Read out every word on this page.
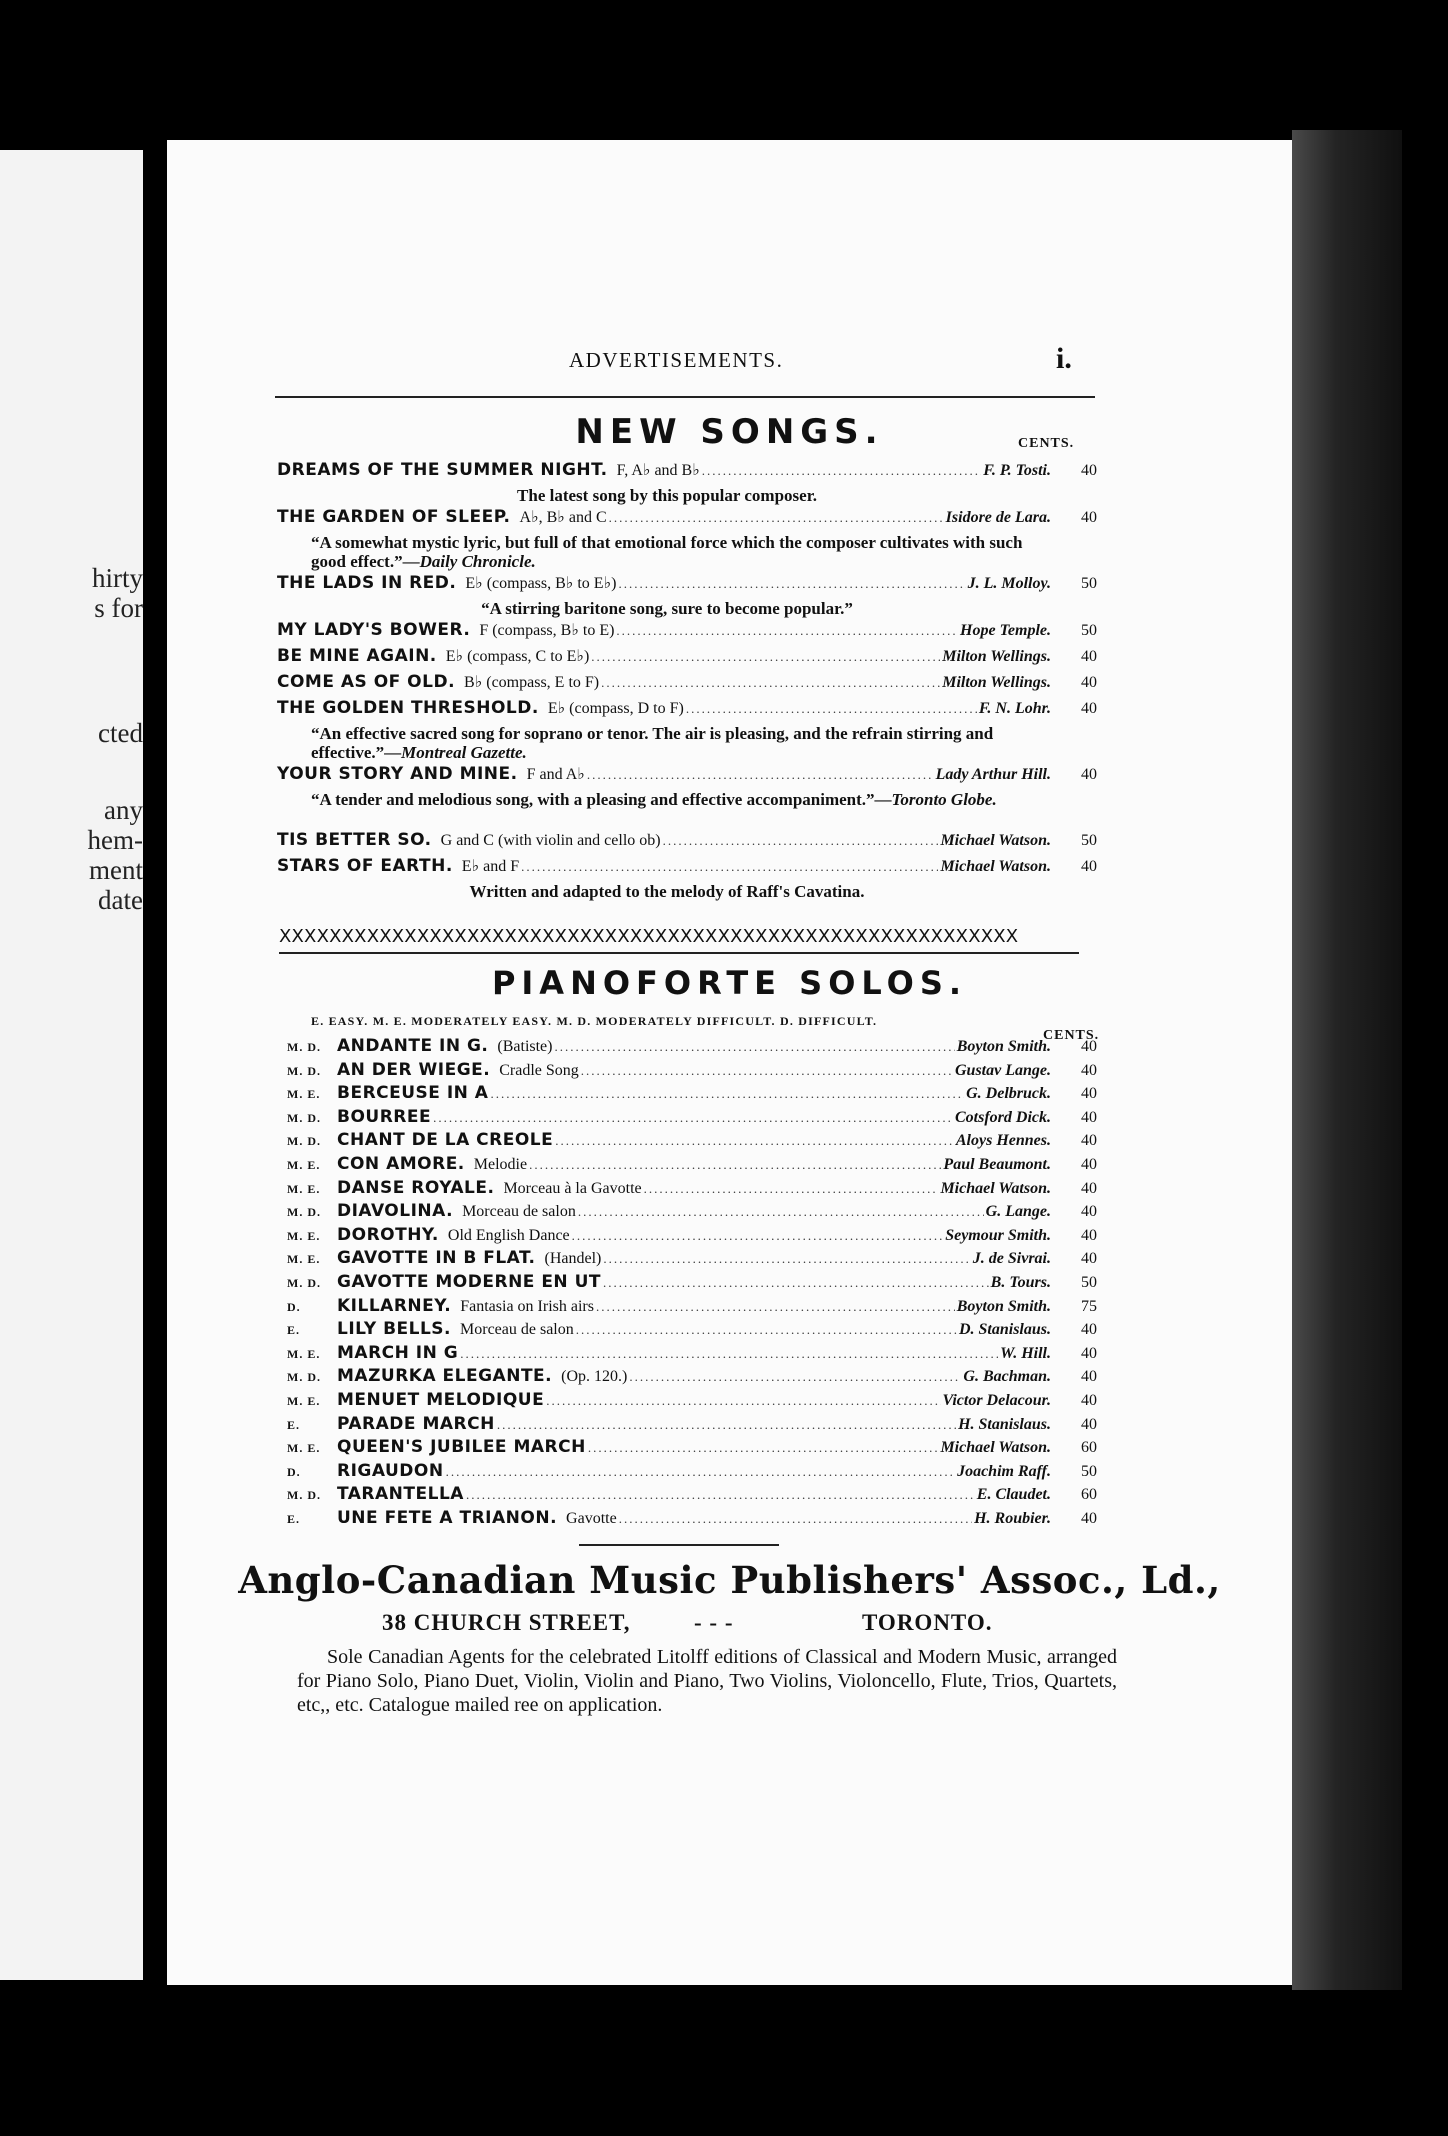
hirty
s for
cted
any
hem-
ment
date
ADVERTISEMENTS.	i.
NEW SONGS.	CENTS.
DREAMS OF THE SUMMER NIGHT. F, A♭ and B♭ .....	F. P. Tosti.	40
The latest song by this popular composer.
THE GARDEN OF SLEEP. A♭, B♭ and C .....	Isidore de Lara.	40
“A somewhat mystic lyric, but full of that emotional force which the composer cultivates with such good effect.”—Daily Chronicle.
THE LADS IN RED. E♭ (compass, B♭ to E♭) .....	J. L. Molloy.	50
“A stirring baritone song, sure to become popular.”
MY LADY'S BOWER. F (compass, B♭ to E) .....	Hope Temple.	50
BE MINE AGAIN. E♭ (compass, C to E♭) .....	Milton Wellings.	40
COME AS OF OLD. B♭ (compass, E to F) .....	Milton Wellings.	40
THE GOLDEN THRESHOLD. E♭ (compass, D to F) .....	F. N. Lohr.	40
“An effective sacred song for soprano or tenor. The air is pleasing, and the refrain stirring and effective.”—Montreal Gazette.
YOUR STORY AND MINE. F and A♭ .....	Lady Arthur Hill.	40
“A tender and melodious song, with a pleasing and effective accompaniment.”—Toronto Globe.
TIS BETTER SO. G and C (with violin and cello ob) .....	Michael Watson.	50
STARS OF EARTH. E♭ and F .....	Michael Watson.	40
Written and adapted to the melody of Raff's Cavatina.
XXXXXXXXXXXXXXXXXXXXXXXXXXXXXXXXXXXXXXXXXXXXXXXXXXXXXXXXXXX
PIANOFORTE SOLOS.
E. EASY. M. E. MODERATELY EASY. M. D. MODERATELY DIFFICULT. D. DIFFICULT.
CENTS.
M. D. ANDANTE IN G. (Batiste) .....	Boyton Smith.	40
M. D. AN DER WIEGE. Cradle Song .....	Gustav Lange.	40
M. E. BERCEUSE IN A .....	G. Delbruck.	40
M. D. BOURREE .....	Cotsford Dick.	40
M. D. CHANT DE LA CREOLE .....	Aloys Hennes.	40
M. E. CON AMORE. Melodie .....	Paul Beaumont.	40
M. E. DANSE ROYALE. Morceau à la Gavotte .....	Michael Watson.	40
M. D. DIAVOLINA. Morceau de salon .....	G. Lange.	40
M. E. DOROTHY. Old English Dance .....	Seymour Smith.	40
M. E. GAVOTTE IN B FLAT. (Handel) .....	J. de Sivrai.	40
M. D. GAVOTTE MODERNE EN UT .....	B. Tours.	50
D.	KILLARNEY. Fantasia on Irish airs .....	Boyton Smith.	75
E.	LILY BELLS. Morceau de salon .....	D. Stanislaus.	40
M. E. MARCH IN G .....	W. Hill.	40
M. D. MAZURKA ELEGANTE. (Op. 120.) .....	G. Bachman.	40
M. E. MENUET MELODIQUE .....	Victor Delacour.	40
E.	PARADE MARCH .....	H. Stanislaus.	40
M. E. QUEEN'S JUBILEE MARCH .....	Michael Watson.	60
D.	RIGAUDON .....	Joachim Raff.	50
M. D. TARANTELLA .....	E. Claudet.	60
E.	UNE FETE A TRIANON. Gavotte .....	H. Roubier.	40
Anglo-Canadian Music Publishers' Assoc., Ld.,
38 CHURCH STREET,	- - -	TORONTO.
Sole Canadian Agents for the celebrated Litolff editions of Classical and Modern Music, arranged for Piano Solo, Piano Duet, Violin, Violin and Piano, Two Violins, Violoncello, Flute, Trios, Quartets, etc,, etc. Catalogue mailed ree on application.
